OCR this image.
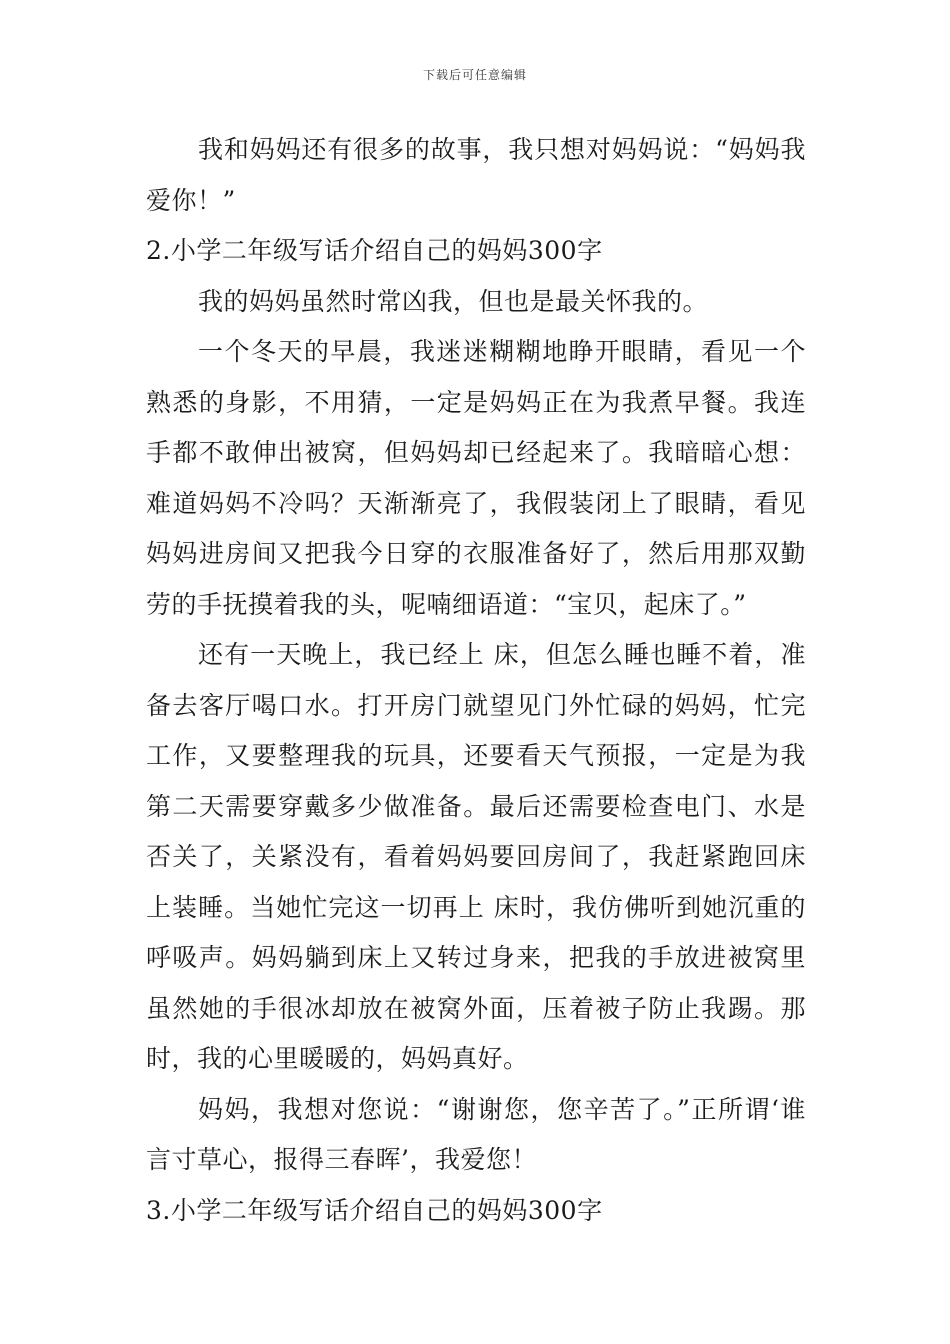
下载后可任意编辑

我和妈妈还有很多的故事，我只想对妈妈说：“妈妈我爱你！”

2.小学二年级写话介绍自己的妈妈300字

我的妈妈虽然时常凶我，但也是最关怀我的。

一个冬天的早晨，我迷迷糊糊地睁开眼睛，看见一个熟悉的身影，不用猜，一定是妈妈正在为我煮早餐。我连手都不敢伸出被窝，但妈妈却已经起来了。我暗暗心想：难道妈妈不冷吗？天渐渐亮了，我假装闭上了眼睛，看见妈妈进房间又把我今日穿的衣服准备好了，然后用那双勤劳的手抚摸着我的头，呢喃细语道：“宝贝，起床了。”

还有一天晚上，我已经上 床，但怎么睡也睡不着，准备去客厅喝口水。打开房门就望见门外忙碌的妈妈，忙完工作，又要整理我的玩具，还要看天气预报，一定是为我第二天需要穿戴多少做准备。最后还需要检查电门、水是否关了，关紧没有，看着妈妈要回房间了，我赶紧跑回床上装睡。当她忙完这一切再上 床时，我仿佛听到她沉重的呼吸声。妈妈躺到床上又转过身来，把我的手放进被窝里虽然她的手很冰却放在被窝外面，压着被子防止我踢。那时，我的心里暖暖的，妈妈真好。

妈妈，我想对您说：“谢谢您，您辛苦了。”正所谓‘谁言寸草心，报得三春晖’，我爱您！

3.小学二年级写话介绍自己的妈妈300字
